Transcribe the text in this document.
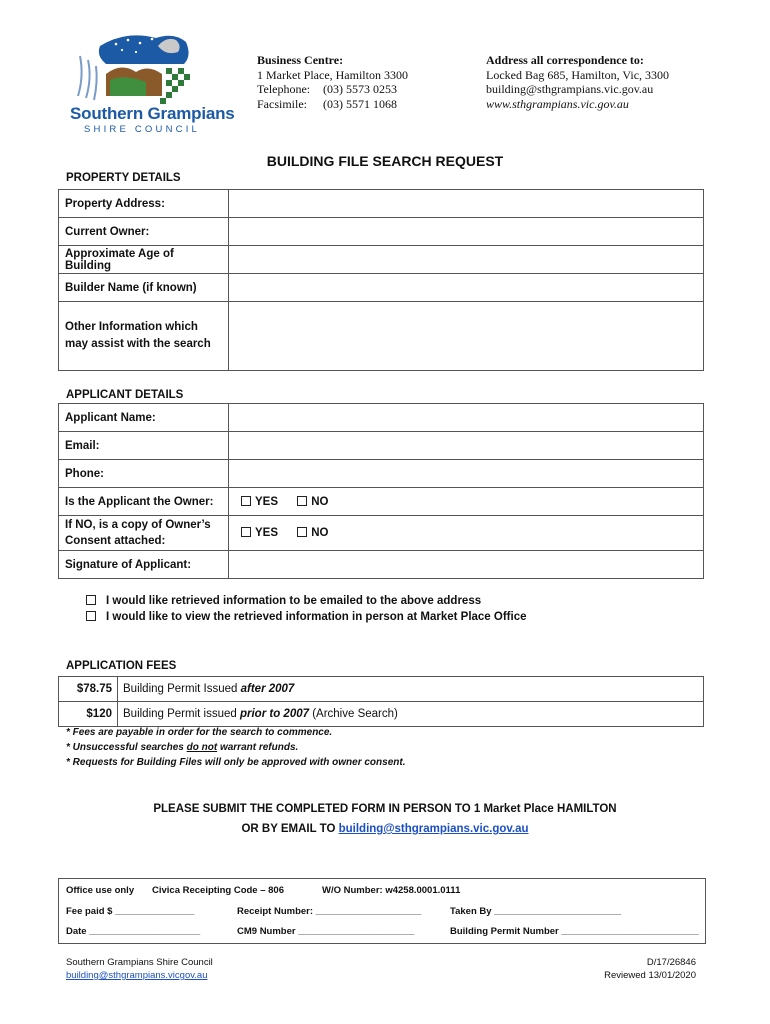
Southern Grampians
SHIRE COUNCIL
Business Centre:
1 Market Place, Hamilton 3300
Telephone: (03) 5573 0253
Facsimile: (03) 5571 1068
Address all correspondence to:
Locked Bag 685, Hamilton, Vic, 3300
building@sthgrampians.vic.gov.au
www.sthgrampians.vic.gov.au
BUILDING FILE SEARCH REQUEST
PROPERTY DETAILS
Property Address:	
Current Owner:	
Approximate Age of Building	
Builder Name (if known)	
Other Information which may assist with the search	
APPLICANT DETAILS
Applicant Name:	
Email:	
Phone:	
Is the Applicant the Owner:	YES NO
If NO, is a copy of Owner’s Consent attached:	YES NO
Signature of Applicant:	
I would like retrieved information to be emailed to the above address
I would like to view the retrieved information in person at Market Place Office
APPLICATION FEES
$78.75	Building Permit Issued after 2007
$120	Building Permit issued prior to 2007 (Archive Search)
* Fees are payable in order for the search to commence.
* Unsuccessful searches do not warrant refunds.
* Requests for Building Files will only be approved with owner consent.
PLEASE SUBMIT THE COMPLETED FORM IN PERSON TO 1 Market Place HAMILTON
OR BY EMAIL TO building@sthgrampians.vic.gov.au
Office use only Civica Receipting Code – 806	W/O Number: w4258.0001.0111
Fee paid $ _______________	Receipt Number: ____________________	Taken By ________________________
Date _____________________	CM9 Number ______________________	Building Permit Number __________________________
Southern Grampians Shire Council
building@sthgrampians.vicgov.au
D/17/26846
Reviewed 13/01/2020
